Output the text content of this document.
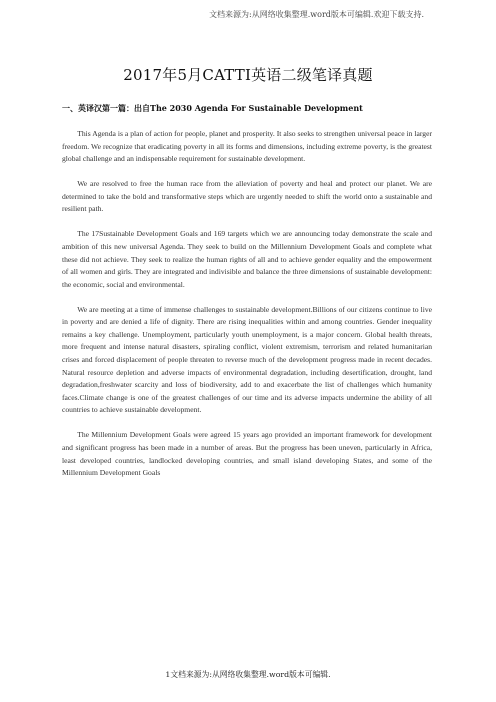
文档来源为:从网络收集整理.word版本可编辑.欢迎下载支持.
2017年5月CATTI英语二级笔译真题
一、英译汉第一篇：出自The 2030 Agenda For Sustainable Development

This Agenda is a plan of action for people, planet and prosperity. It also seeks to strengthen universal peace in larger freedom. We recognize that eradicating poverty in all its forms and dimensions, including extreme poverty, is the greatest global challenge and an indispensable requirement for sustainable development.

We are resolved to free the human race from the alleviation of poverty and heal and protect our planet. We are determined to take the bold and transformative steps which are urgently needed to shift the world onto a sustainable and resilient path.

The 17Sustainable Development Goals and 169 targets which we are announcing today demonstrate the scale and ambition of this new universal Agenda. They seek to build on the Millennium Development Goals and complete what these did not achieve. They seek to realize the human rights of all and to achieve gender equality and the empowerment of all women and girls. They are integrated and indivisible and balance the three dimensions of sustainable development: the economic, social and environmental.

We are meeting at a time of immense challenges to sustainable development.Billions of our citizens continue to live in poverty and are denied a life of dignity. There are rising inequalities within and among countries. Gender inequality remains a key challenge. Unemployment, particularly youth unemployment, is a major concern. Global health threats, more frequent and intense natural disasters, spiraling conflict, violent extremism, terrorism and related humanitarian crises and forced displacement of people threaten to reverse much of the development progress made in recent decades. Natural resource depletion and adverse impacts of environmental degradation, including desertification, drought, land degradation,freshwater scarcity and loss of biodiversity, add to and exacerbate the list of challenges which humanity faces.Climate change is one of the greatest challenges of our time and its adverse impacts undermine the ability of all countries to achieve sustainable development.

The Millennium Development Goals were agreed 15 years ago provided an important framework for development and significant progress has been made in a number of areas. But the progress has been uneven, particularly in Africa, least developed countries, landlocked developing countries, and small island developing States, and some of the Millennium Development Goals

1文档来源为:从网络收集整理.word版本可编辑.
